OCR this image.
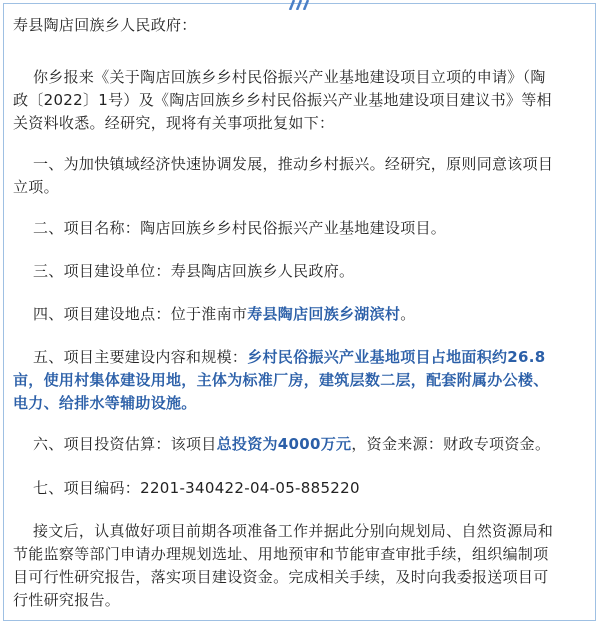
寿县陶店回族乡人民政府：
你乡报来《关于陶店回族乡乡村民俗振兴产业基地建设项目立项的申请》（陶
政〔2022〕1号）及《陶店回族乡乡村民俗振兴产业基地建设项目建议书》等相
关资料收悉。经研究，现将有关事项批复如下：
一、为加快镇域经济快速协调发展，推动乡村振兴。经研究，原则同意该项目
立项。
二、项目名称：陶店回族乡乡村民俗振兴产业基地建设项目。
三、项目建设单位：寿县陶店回族乡人民政府。
四、项目建设地点：位于淮南市寿县陶店回族乡湖滨村。
五、项目主要建设内容和规模：乡村民俗振兴产业基地项目占地面积约26.8
亩，使用村集体建设用地，主体为标准厂房，建筑层数二层，配套附属办公楼、
电力、给排水等辅助设施。
六、项目投资估算：该项目总投资为4000万元，资金来源：财政专项资金。
七、项目编码：2201-340422-04-05-885220
接文后，认真做好项目前期各项准备工作并据此分别向规划局、自然资源局和
节能监察等部门申请办理规划选址、用地预审和节能审查审批手续，组织编制项
目可行性研究报告，落实项目建设资金。完成相关手续，及时向我委报送项目可
行性研究报告。
